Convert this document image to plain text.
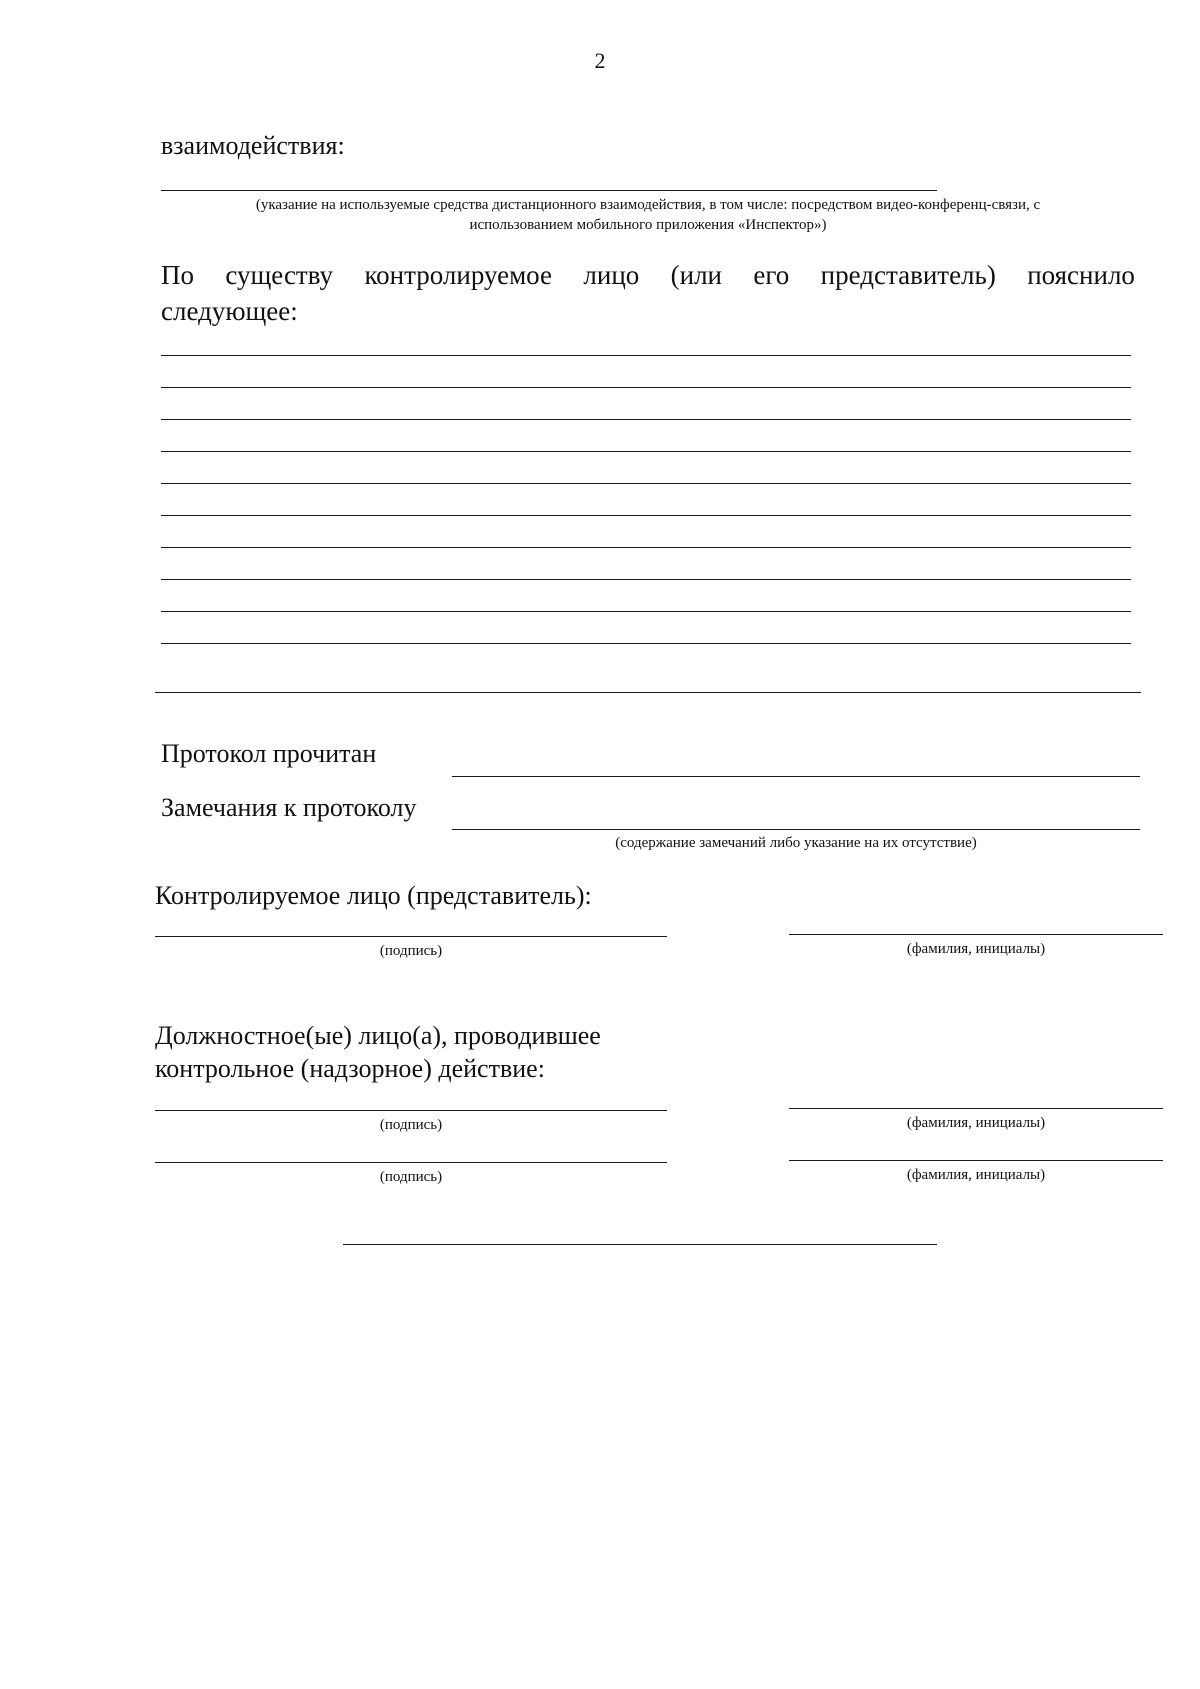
2
взаимодействия:
(указание на используемые средства дистанционного взаимодействия, в том числе: посредством видео-конференц-связи, с
использованием мобильного приложения «Инспектор»)
По существу контролируемое лицо (или его представитель) пояснило
следующее:
Протокол прочитан
Замечания к протоколу
(содержание замечаний либо указание на их отсутствие)
Контролируемое лицо (представитель):
(подпись)	(фамилия, инициалы)
Должностное(ые) лицо(а), проводившее
контрольное (надзорное) действие:
(подпись)	(фамилия, инициалы)
(подпись)	(фамилия, инициалы)
